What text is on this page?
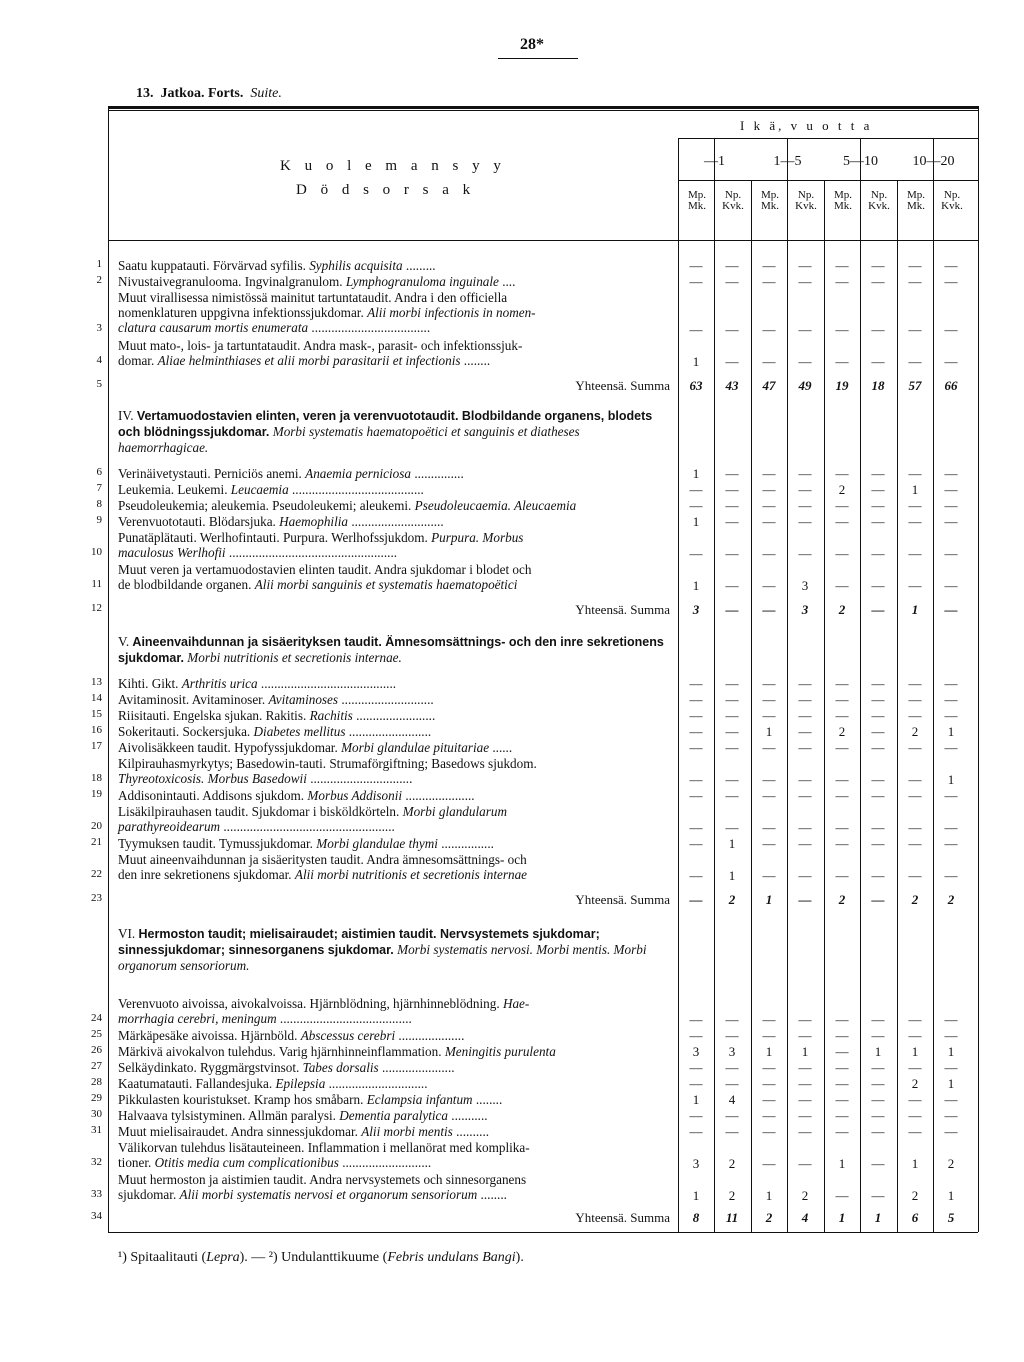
28*
13. Jatkoa. Forts. Suite.
K u o l e m a n s y y
D ö d s o r s a k
I k ä, v u o t t a
¹) Spitaalitauti (Lepra). — ²) Undulanttikuume (Febris undulans Bangi).
—1	1—5	5—10	10—20
Mp.
Mk.
Np.
Kvk.
Mp.
Mk.
Np.
Kvk.
Mp.
Mk.
Np.
Kvk.
Mp.
Mk.
Np.
Kvk.
IV. Vertamuodostavien elinten, veren ja verenvuototaudit. Blodbildande organens, blodets och blödningssjukdomar. Morbi systematis haematopoëtici et sanguinis et diatheses haemorrhagicae.
V. Aineenvaihdunnan ja sisäerityksen taudit. Ämnesomsättnings- och den inre sekretionens sjukdomar. Morbi nutritionis et secretionis internae.
VI. Hermoston taudit; mielisairaudet; aistimien taudit. Nervsystemets sjukdomar; sinnessjukdomar; sinnesorganens sjukdomar. Morbi systematis nervosi. Morbi mentis. Morbi organorum sensoriorum.
1 Saatu kuppatauti. Förvärvad syfilis. Syphilis acquisita .........	—	—	—	—	—	—	—	—
2 Nivustaivegranulooma. Ingvinalgranulom. Lymphogranuloma inguinale ....	—	—	—	—	—	—	—	—
3
Muut virallisessa nimistössä mainitut tartuntataudit. Andra i den officiella
nomenklaturen uppgivna infektionssjukdomar. Alii morbi infectionis in nomen-
clatura causarum mortis enumerata ....................................	—	—	—	—	—	—	—	—
4
Muut mato-, lois- ja tartuntataudit. Andra mask-, parasit- och infektionssjuk-
domar. Aliae helminthiases et alii morbi parasitarii et infectionis ........	1	—	—	—	—	—	—	—
5	Yhteensä. Summa	63	43	47	49	19	18	57	66
6 Verinäivetystauti. Perniciös anemi. Anaemia perniciosa ...............	1	—	—	—	—	—	—	—
7 Leukemia. Leukemi. Leucaemia ........................................	—	—	—	—	2	—	1	—
8 Pseudoleukemia; aleukemia. Pseudoleukemi; aleukemi. Pseudoleucaemia. Aleucaemia	—	—	—	—	—	—	—	—
9 Verenvuototauti. Blödarsjuka. Haemophilia ............................	1	—	—	—	—	—	—	—
10
Punatäplätauti. Werlhofintauti. Purpura. Werlhofssjukdom. Purpura. Morbus
maculosus Werlhofii ...................................................	—	—	—	—	—	—	—	—
11
Muut veren ja vertamuodostavien elinten taudit. Andra sjukdomar i blodet och
de blodbildande organen. Alii morbi sanguinis et systematis haematopoëtici	1	—	—	3	—	—	—	—
12	Yhteensä. Summa	3	—	—	3	2	—	1	—
13 Kihti. Gikt. Arthritis urica .........................................	—	—	—	—	—	—	—	—
14 Avitaminosit. Avitaminoser. Avitaminoses ............................	—	—	—	—	—	—	—	—
15 Riisitauti. Engelska sjukan. Rakitis. Rachitis ........................	—	—	—	—	—	—	—	—
16 Sokeritauti. Sockersjuka. Diabetes mellitus .........................	—	—	1	—	2	—	2	1
17 Aivolisäkkeen taudit. Hypofyssjukdomar. Morbi glandulae pituitariae ......	—	—	—	—	—	—	—	—
18
Kilpirauhasmyrkytys; Basedowin-tauti. Strumaförgiftning; Basedows sjukdom.
Thyreotoxicosis. Morbus Basedowii ...............................	—	—	—	—	—	—	—	1
19 Addisonintauti. Addisons sjukdom. Morbus Addisonii .....................	—	—	—	—	—	—	—	—
20
Lisäkilpirauhasen taudit. Sjukdomar i bisköldkörteln. Morbi glandularum
parathyreoidearum ....................................................	—	—	—	—	—	—	—	—
21 Tyymuksen taudit. Tymussjukdomar. Morbi glandulae thymi ................	—	1	—	—	—	—	—	—
22
Muut aineenvaihdunnan ja sisäeritysten taudit. Andra ämnesomsättnings- och
den inre sekretionens sjukdomar. Alii morbi nutritionis et secretionis internae	—	1	—	—	—	—	—	—
23	Yhteensä. Summa	—	2	1	—	2	—	2	2
24
Verenvuoto aivoissa, aivokalvoissa. Hjärnblödning, hjärnhinneblödning. Hae-
morrhagia cerebri, meningum ........................................	—	—	—	—	—	—	—	—
25 Märkäpesäke aivoissa. Hjärnböld. Abscessus cerebri ....................	—	—	—	—	—	—	—	—
26 Märkivä aivokalvon tulehdus. Varig hjärnhinneinflammation. Meningitis purulenta	3	3	1	1	—	1	1	1
27 Selkäydinkato. Ryggmärgstvinsot. Tabes dorsalis ......................	—	—	—	—	—	—	—	—
28 Kaatumatauti. Fallandesjuka. Epilepsia ..............................	—	—	—	—	—	—	2	1
29 Pikkulasten kouristukset. Kramp hos småbarn. Eclampsia infantum ........	1	4	—	—	—	—	—	—
30 Halvaava tylsistyminen. Allmän paralysi. Dementia paralytica ...........	—	—	—	—	—	—	—	—
31 Muut mielisairaudet. Andra sinnessjukdomar. Alii morbi mentis ..........	—	—	—	—	—	—	—	—
32
Välikorvan tulehdus lisätauteineen. Inflammation i mellanörat med komplika-
tioner. Otitis media cum complicationibus ...........................	3	2	—	—	1	—	1	2
33
Muut hermoston ja aistimien taudit. Andra nervsystemets och sinnesorganens
sjukdomar. Alii morbi systematis nervosi et organorum sensoriorum ........	1	2	1	2	—	—	2	1
34	Yhteensä. Summa	8	11	2	4	1	1	6	5
